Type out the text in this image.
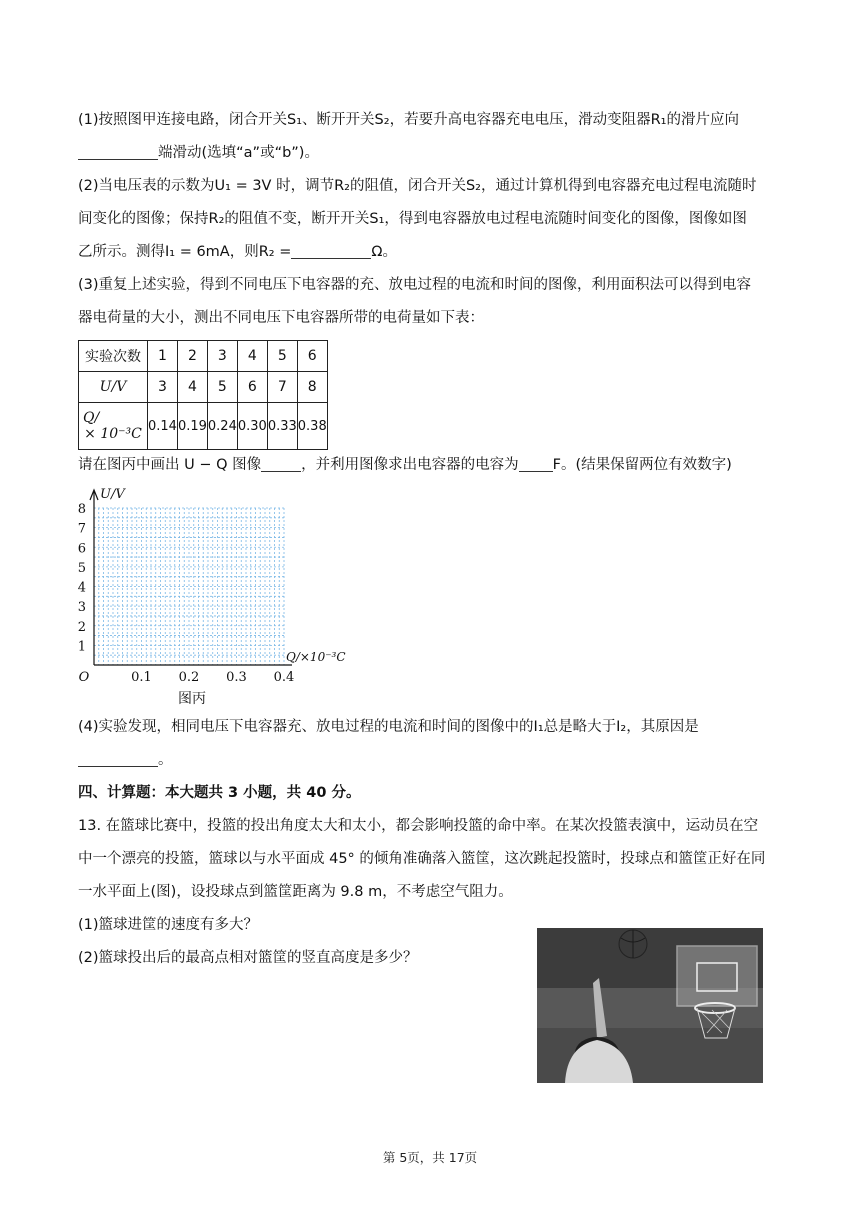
(1)按照图甲连接电路，闭合开关S₁、断开开关S₂，若要升高电容器充电电压，滑动变阻器R₁的滑片应向
端滑动(选填“a”或“b”)。
(2)当电压表的示数为U₁ = 3V 时，调节R₂的阻值，闭合开关S₂，通过计算机得到电容器充电过程电流随时
间变化的图像；保持R₂的阻值不变，断开开关S₁，得到电容器放电过程电流随时间变化的图像，图像如图
乙所示。测得I₁ = 6mA，则R₂ =	Ω。
(3)重复上述实验，得到不同电压下电容器的充、放电过程的电流和时间的图像，利用面积法可以得到电容
器电荷量的大小，测出不同电压下电容器所带的电荷量如下表：
实验次数	1	2	3	4	5	6
U/V	3	4	5	6	7	8

Q/
× 10⁻³C	0.14	0.19	0.24	0.30	0.33	0.38
请在图丙中画出 U − Q 图像	，并利用图像求出电容器的电容为 F。(结果保留两位有效数字)
1
2
3
4
5
6
7
8
0.1 0.2 0.3 0.4
O
U/V
Q/×10⁻³C
图丙
(4)实验发现，相同电压下电容器充、放电过程的电流和时间的图像中的I₁总是略大于I₂，其原因是
。
四、计算题：本大题共 3 小题，共 40 分。
13. 在篮球比赛中，投篮的投出角度太大和太小，都会影响投篮的命中率。在某次投篮表演中，运动员在空
中一个漂亮的投篮，篮球以与水平面成 45° 的倾角准确落入篮筐，这次跳起投篮时，投球点和篮筐正好在同
一水平面上(图)，设投球点到篮筐距离为 9.8 m，不考虑空气阻力。
(1)篮球进筐的速度有多大？
(2)篮球投出后的最高点相对篮筐的竖直高度是多少？
第 5页，共 17页
